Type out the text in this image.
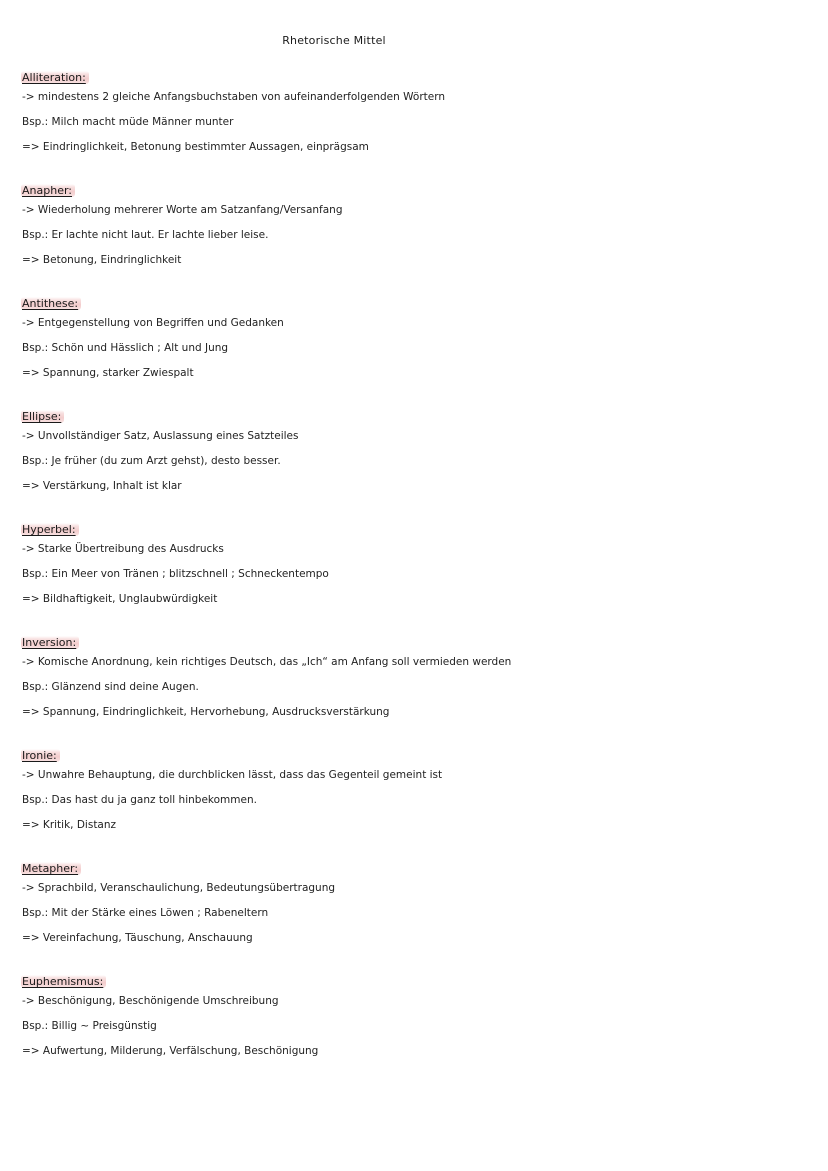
Rhetorische Mittel
Alliteration:
-> mindestens 2 gleiche Anfangsbuchstaben von aufeinanderfolgenden Wörtern
Bsp.: Milch macht müde Männer munter
=> Eindringlichkeit, Betonung bestimmter Aussagen, einprägsam
Anapher:
-> Wiederholung mehrerer Worte am Satzanfang/Versanfang
Bsp.: Er lachte nicht laut. Er lachte lieber leise.
=> Betonung, Eindringlichkeit
Antithese:
-> Entgegenstellung von Begriffen und Gedanken
Bsp.: Schön und Hässlich ; Alt und Jung
=> Spannung, starker Zwiespalt
Ellipse:
-> Unvollständiger Satz, Auslassung eines Satzteiles
Bsp.: Je früher (du zum Arzt gehst), desto besser.
=> Verstärkung, Inhalt ist klar
Hyperbel:
-> Starke Übertreibung des Ausdrucks
Bsp.: Ein Meer von Tränen ; blitzschnell ; Schneckentempo
=> Bildhaftigkeit, Unglaubwürdigkeit
Inversion:
-> Komische Anordnung, kein richtiges Deutsch, das „Ich“ am Anfang soll vermieden werden
Bsp.: Glänzend sind deine Augen.
=> Spannung, Eindringlichkeit, Hervorhebung, Ausdrucksverstärkung
Ironie:
-> Unwahre Behauptung, die durchblicken lässt, dass das Gegenteil gemeint ist
Bsp.: Das hast du ja ganz toll hinbekommen.
=> Kritik, Distanz
Metapher:
-> Sprachbild, Veranschaulichung, Bedeutungsübertragung
Bsp.: Mit der Stärke eines Löwen ; Rabeneltern
=> Vereinfachung, Täuschung, Anschauung
Euphemismus:
-> Beschönigung, Beschönigende Umschreibung
Bsp.: Billig ~ Preisgünstig
=> Aufwertung, Milderung, Verfälschung, Beschönigung
